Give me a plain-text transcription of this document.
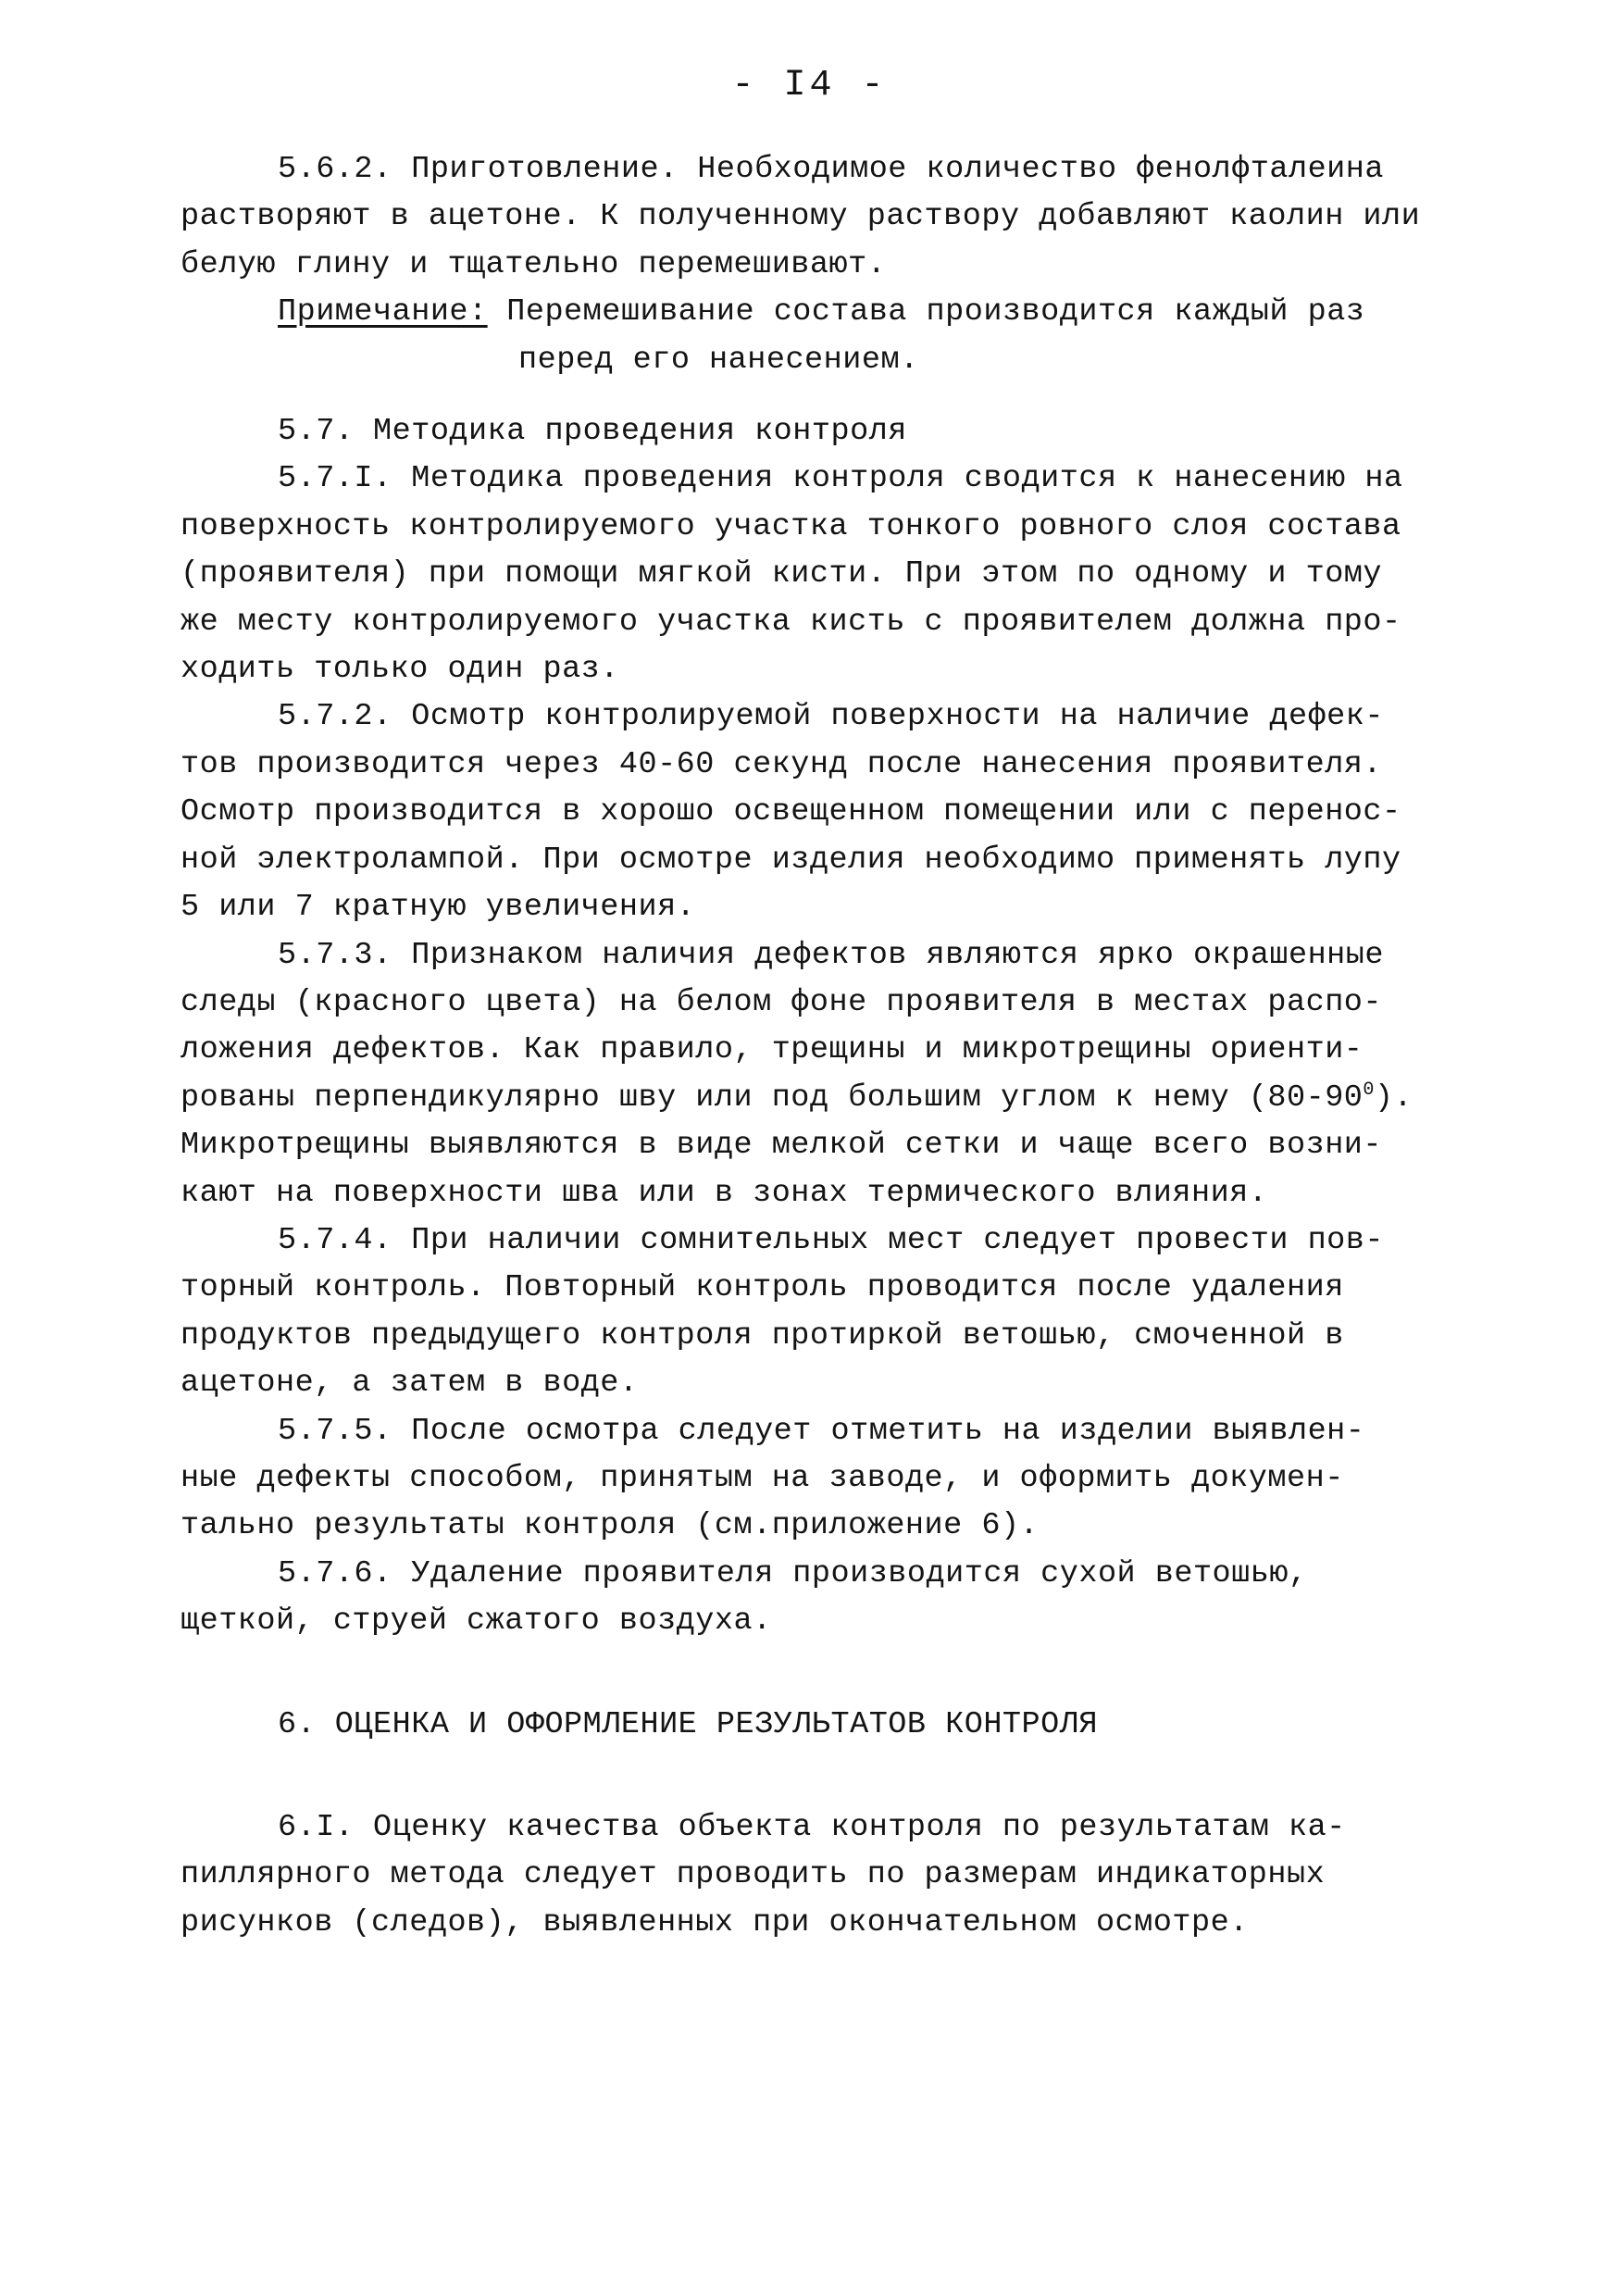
- I4 -

5.6.2. Приготовление. Необходимое количество фенолфталеина

растворяют в ацетоне. К полученному раствору добавляют каолин или

белую глину и тщательно перемешивают.

Примечание: Перемешивание состава производится каждый раз

перед его нанесением.

5.7. Методика проведения контроля

5.7.I. Методика проведения контроля сводится к нанесению на

поверхность контролируемого участка тонкого ровного слоя состава

(проявителя) при помощи мягкой кисти. При этом по одному и тому

же месту контролируемого участка кисть с проявителем должна про-

ходить только один раз.

5.7.2. Осмотр контролируемой поверхности на наличие дефек-

тов производится через 40-60 секунд после нанесения проявителя.

Осмотр производится в хорошо освещенном помещении или с перенос-

ной электролампой. При осмотре изделия необходимо применять лупу

5 или 7 кратную увеличения.

5.7.3. Признаком наличия дефектов являются ярко окрашенные

следы (красного цвета) на белом фоне проявителя в местах распо-

ложения дефектов. Как правило, трещины и микротрещины ориенти-

рованы перпендикулярно шву или под большим углом к нему $(80-90^0)$.

Микротрещины выявляются в виде мелкой сетки и чаще всего возни-

кают на поверхности шва или в зонах термического влияния.

5.7.4. При наличии сомнительных мест следует провести пов-

торный контроль. Повторный контроль проводится после удаления

продуктов предыдущего контроля протиркой ветошью, смоченной в

ацетоне, а затем в воде.

5.7.5. После осмотра следует отметить на изделии выявлен-

ные дефекты способом, принятым на заводе, и оформить докумен-

тально результаты контроля (см.приложение 6).

5.7.6. Удаление проявителя производится сухой ветошью,

щеткой, струей сжатого воздуха.

6. ОЦЕНКА И ОФОРМЛЕНИЕ РЕЗУЛЬТАТОВ КОНТРОЛЯ

6.I. Оценку качества объекта контроля по результатам ка-

пиллярного метода следует проводить по размерам индикаторных

рисунков (следов), выявленных при окончательном осмотре.
